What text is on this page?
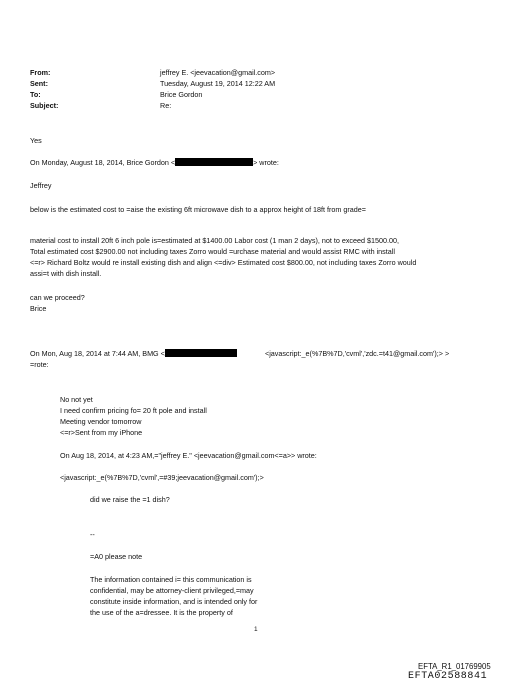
From:	jeffrey E. <jeevacation@gmail.com>
Sent:	Tuesday, August 19, 2014 12:22 AM
To:	Brice Gordon
Subject:	Re:
Yes
On Monday, August 18, 2014, Brice Gordon <	> wrote:
Jeffrey
below is the estimated cost to =aise the existing 6ft microwave dish to a approx height of 18ft from grade=
material cost to install 20ft 6 inch pole is=estimated at $1400.00 Labor cost (1 man 2 days), not to exceed $1500.00,
Total estimated cost $2900.00 not including taxes Zorro would =urchase material and would assist RMC with install
<=r> Richard Boltz would re install existing dish and align <=div> Estimated cost $800.00, not including taxes Zorro would
assi=t with dish install.
can we proceed?
Brice
On Mon, Aug 18, 2014 at 7:44 AM, BMG <	<javascript:_e(%7B%7D,'cvml','zdc.=t41@gmail.com');> >
=rote:
No not yet
I need confirm pricing fo= 20 ft pole and install
Meeting vendor tomorrow
<=r>Sent from my iPhone
On Aug 18, 2014, at 4:23 AM,="jeffrey E." <jeevacation@gmail.com<=a>> wrote:
<javascript:_e(%7B%7D,'cvml',=#39;jeevacation@gmail.com');>
did we raise the =1 dish?
--
=A0 please note
The information contained i= this communication is
confidential, may be attorney-client privileged,=may
constitute inside information, and is intended only for
the use of the a=dressee. It is the property of
1
EFTA_R1_01769905
EFTA02588841
